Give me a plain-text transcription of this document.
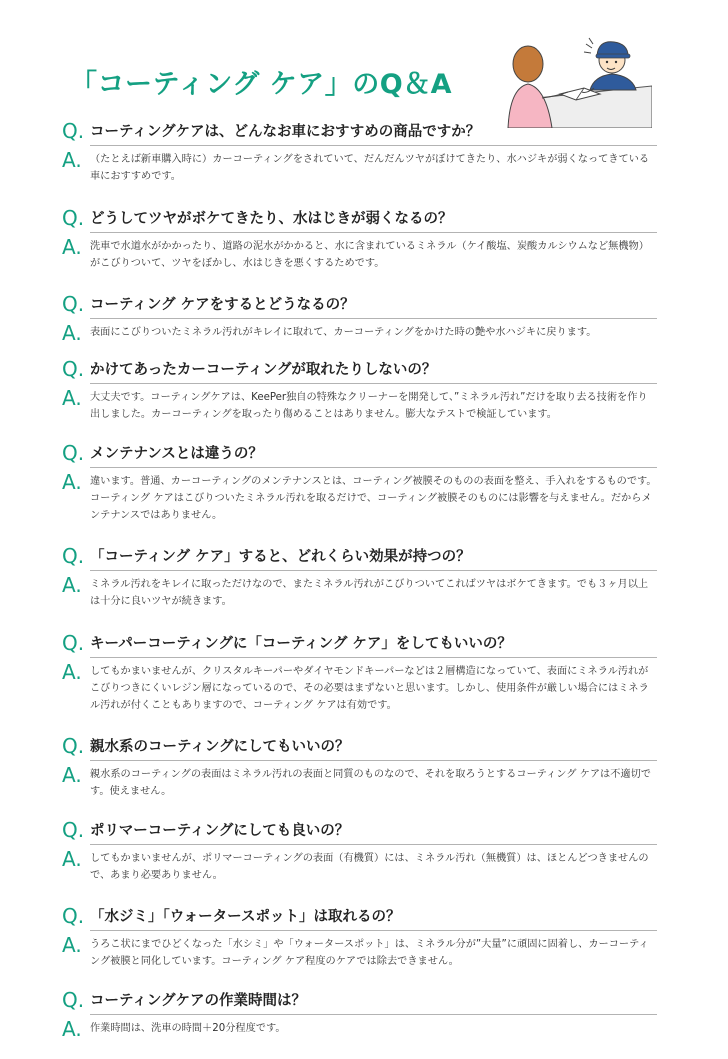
「コーティング ケア」のQ＆A
Q. コーティングケアは、どんなお車におすすめの商品ですか？
A. （たとえば新車購入時に）カーコーティングをされていて、だんだんツヤがぼけてきたり、水ハジキが弱くなってきている車におすすめです。
Q. どうしてツヤがボケてきたり、水はじきが弱くなるの？
A. 洗車で水道水がかかったり、道路の泥水がかかると、水に含まれているミネラル（ケイ酸塩、炭酸カルシウムなど無機物）がこびりついて、ツヤをぼかし、水はじきを悪くするためです。
Q. コーティング ケアをするとどうなるの？
A. 表面にこびりついたミネラル汚れがキレイに取れて、カーコーティングをかけた時の艶や水ハジキに戻ります。
Q. かけてあったカーコーティングが取れたりしないの？
A. 大丈夫です。コーティングケアは、KeePer独自の特殊なクリーナーを開発して、”ミネラル汚れ”だけを取り去る技術を作り出しました。カーコーティングを取ったり傷めることはありません。膨大なテストで検証しています。
Q. メンテナンスとは違うの？
A. 違います。普通、カーコーティングのメンテナンスとは、コーティング被膜そのものの表面を整え、手入れをするものです。コーティング ケアはこびりついたミネラル汚れを取るだけで、コーティング被膜そのものには影響を与えません。だからメンテナンスではありません。
Q. 「コーティング ケア」すると、どれくらい効果が持つの？
A. ミネラル汚れをキレイに取っただけなので、またミネラル汚れがこびりついてこればツヤはボケてきます。でも３ヶ月以上は十分に良いツヤが続きます。
Q. キーパーコーティングに「コーティング ケア」をしてもいいの？
A. してもかまいませんが、クリスタルキーパーやダイヤモンドキーパーなどは２層構造になっていて、表面にミネラル汚れがこびりつきにくいレジン層になっているので、その必要はまずないと思います。しかし、使用条件が厳しい場合にはミネラル汚れが付くこともありますので、コーティング ケアは有効です。
Q. 親水系のコーティングにしてもいいの？
A. 親水系のコーティングの表面はミネラル汚れの表面と同質のものなので、それを取ろうとするコーティング ケアは不適切です。使えません。
Q. ポリマーコーティングにしても良いの？
A. してもかまいませんが、ポリマーコーティングの表面（有機質）には、ミネラル汚れ（無機質）は、ほとんどつきませんので、あまり必要ありません。
Q. 「水ジミ」「ウォータースポット」は取れるの？
A. うろこ状にまでひどくなった「水シミ」や「ウォータースポット」は、ミネラル分が”大量”に頑固に固着し、カーコーティング被膜と同化しています。コーティング ケア程度のケアでは除去できません。
Q. コーティングケアの作業時間は？
A. 作業時間は、洗車の時間＋20分程度です。
